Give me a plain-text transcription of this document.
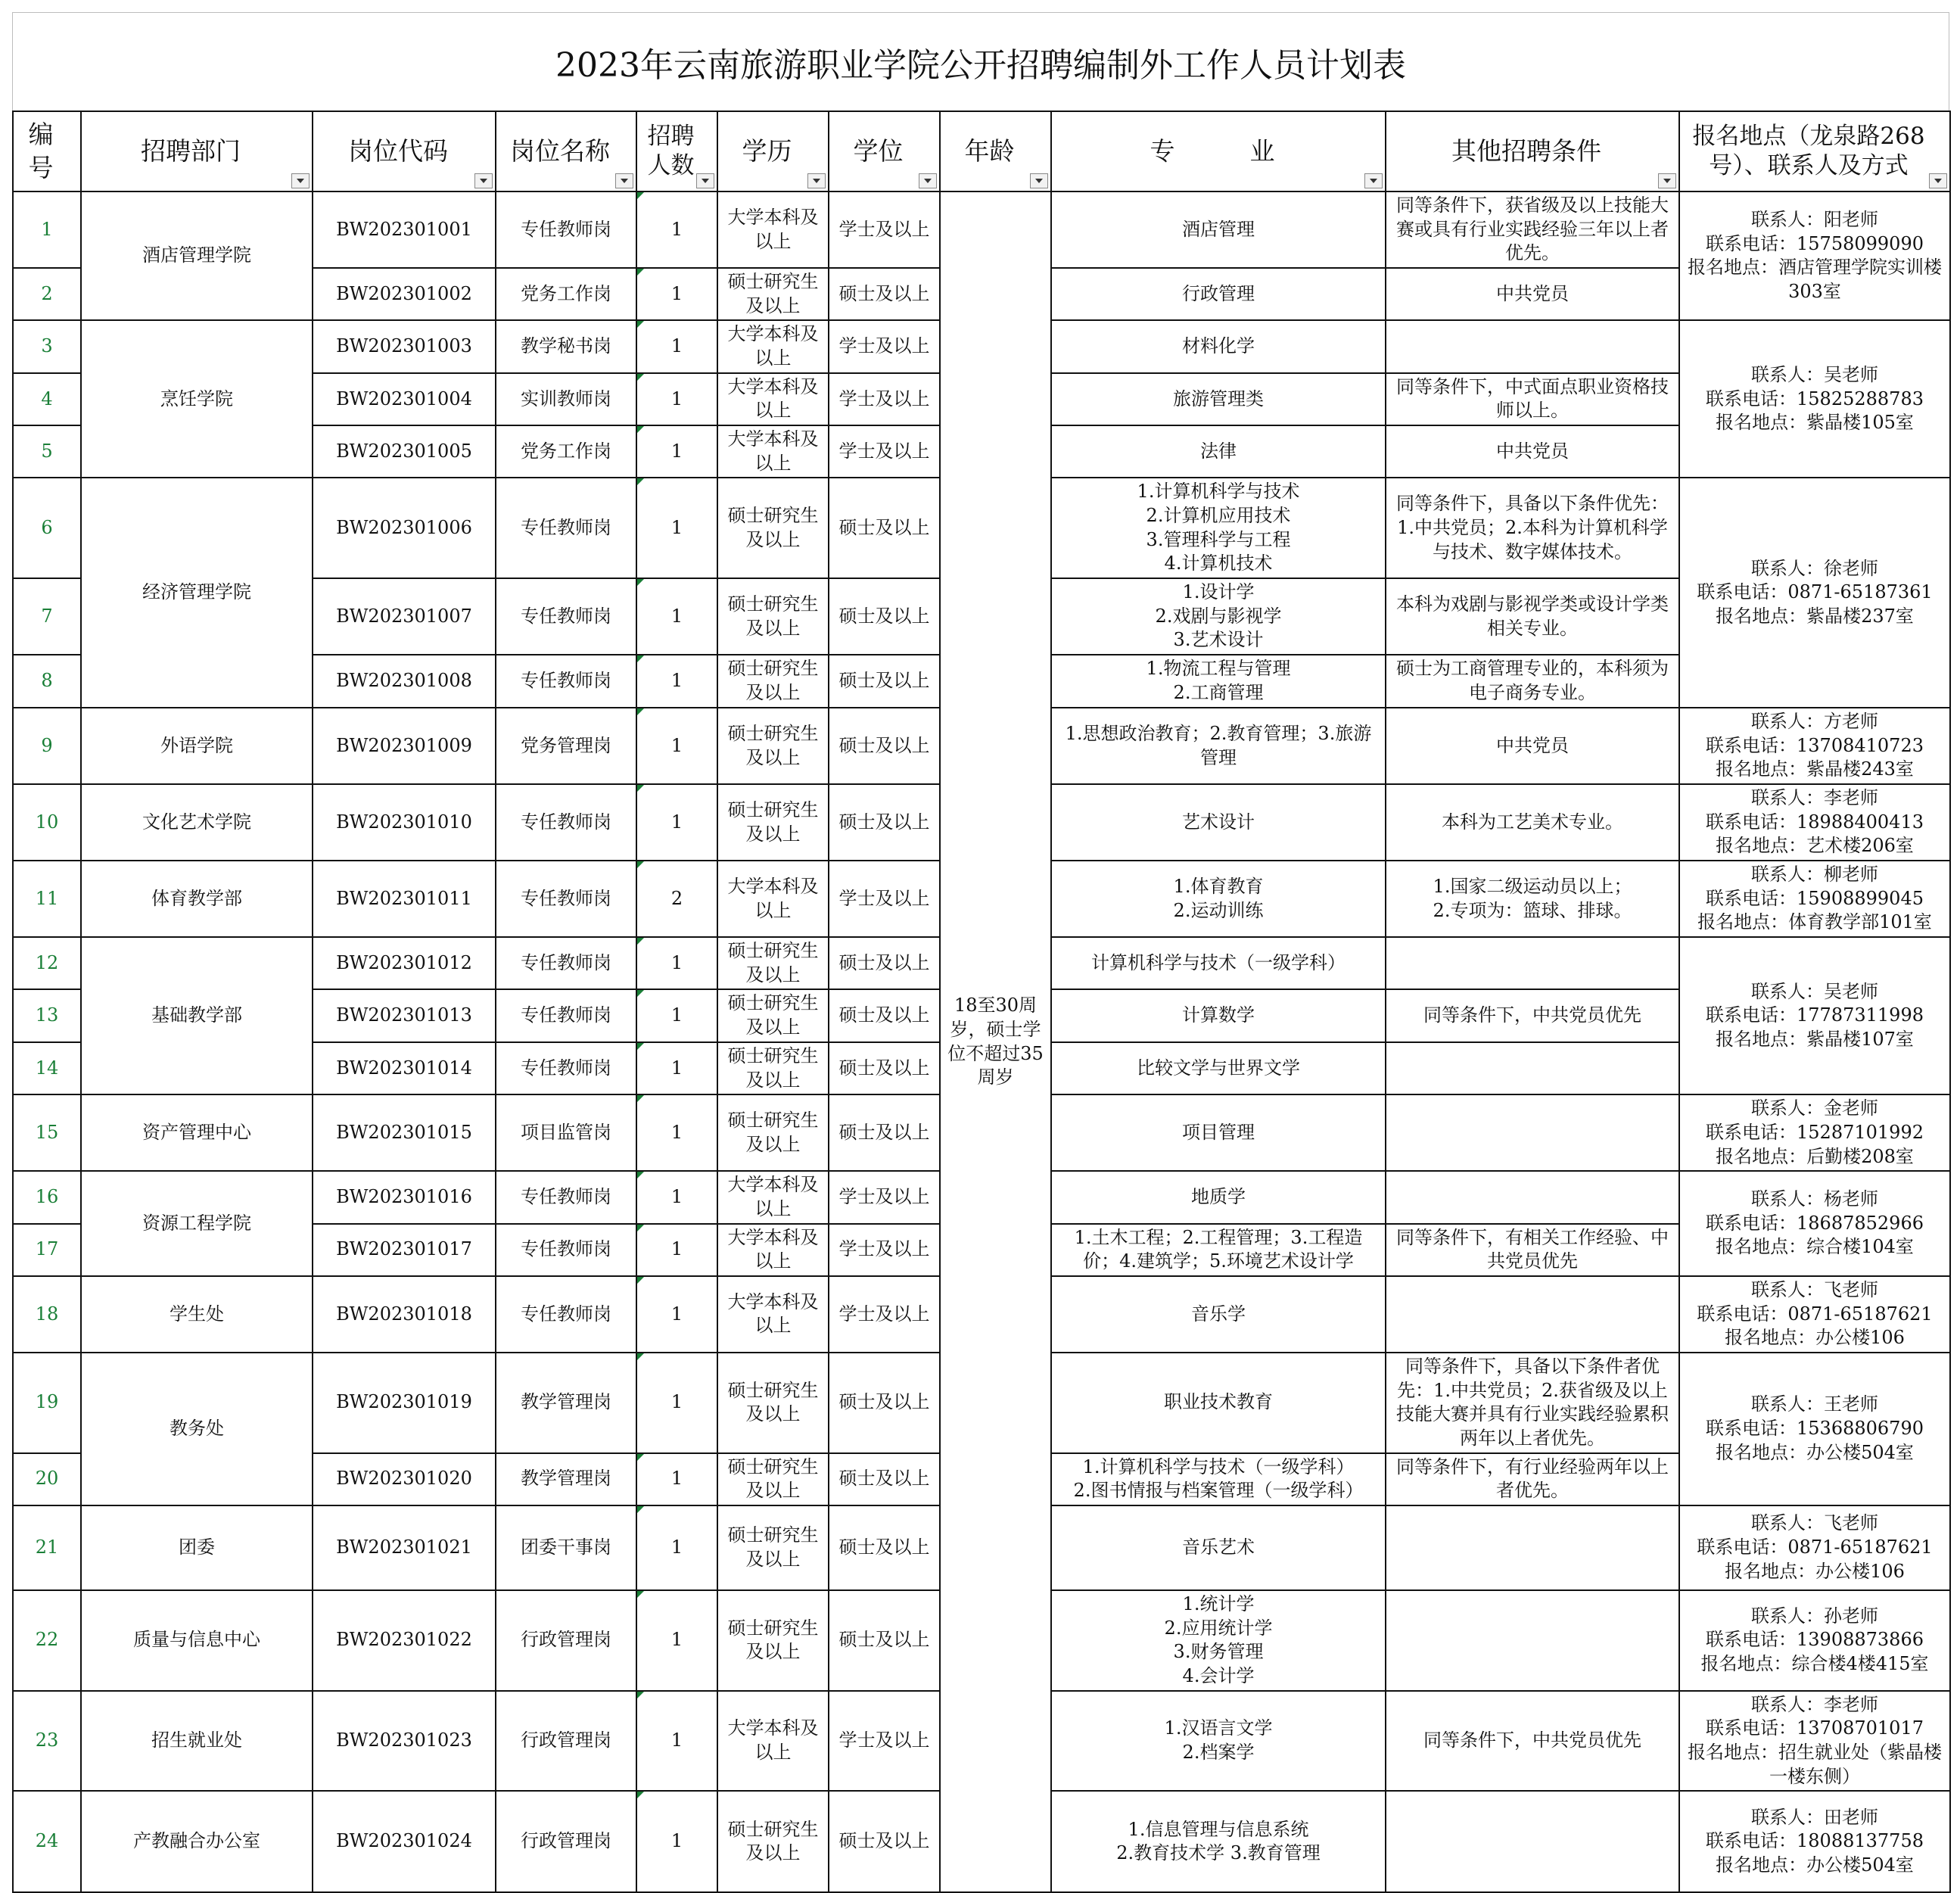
2023年云南旅游职业学院公开招聘编制外工作人员计划表
编号	招聘部门	岗位代码	岗位名称	招聘人数	学历	学位	年龄	专　　　业	其他招聘条件	报名地点（龙泉路268号）、联系人及方式

1	酒店管理学院	BW202301001	专任教师岗	1	大学本科及以上	学士及以上	18至30周岁，硕士学位不超过35周岁	酒店管理	同等条件下，获省级及以上技能大赛或具有行业实践经验三年以上者优先。	联系人：阳老师
联系电话：15758099090
报名地点：酒店管理学院实训楼303室

2		BW202301002	党务工作岗	1	硕士研究生及以上	硕士及以上		行政管理	中共党员	

3	烹饪学院	BW202301003	教学秘书岗	1	大学本科及以上	学士及以上		材料化学		联系人：吴老师
联系电话：15825288783
报名地点：紫晶楼105室

4		BW202301004	实训教师岗	1	大学本科及以上	学士及以上		旅游管理类	同等条件下，中式面点职业资格技师以上。	

5		BW202301005	党务工作岗	1	大学本科及以上	学士及以上		法律	中共党员	

6	经济管理学院	BW202301006	专任教师岗	1	硕士研究生及以上	硕士及以上		1.计算机科学与技术
2.计算机应用技术
3.管理科学与工程
4.计算机技术	同等条件下，具备以下条件优先：1.中共党员；2.本科为计算机科学与技术、数字媒体技术。	联系人：徐老师
联系电话：0871-65187361
报名地点：紫晶楼237室

7		BW202301007	专任教师岗	1	硕士研究生及以上	硕士及以上		1.设计学
2.戏剧与影视学
3.艺术设计	本科为戏剧与影视学类或设计学类相关专业。	

8		BW202301008	专任教师岗	1	硕士研究生及以上	硕士及以上		1.物流工程与管理
2.工商管理	硕士为工商管理专业的，本科须为电子商务专业。	

9	外语学院	BW202301009	党务管理岗	1	硕士研究生及以上	硕士及以上		1.思想政治教育；2.教育管理；3.旅游管理	中共党员	联系人：方老师
联系电话：13708410723
报名地点：紫晶楼243室

10	文化艺术学院	BW202301010	专任教师岗	1	硕士研究生及以上	硕士及以上		艺术设计	本科为工艺美术专业。	联系人：李老师
联系电话：18988400413
报名地点：艺术楼206室

11	体育教学部	BW202301011	专任教师岗	2	大学本科及以上	学士及以上		1.体育教育
2.运动训练	1.国家二级运动员以上；
2.专项为：篮球、排球。	联系人：柳老师
联系电话：15908899045
报名地点：体育教学部101室

12	基础教学部	BW202301012	专任教师岗	1	硕士研究生及以上	硕士及以上		计算机科学与技术（一级学科）		联系人：吴老师
联系电话：17787311998
报名地点：紫晶楼107室

13		BW202301013	专任教师岗	1	硕士研究生及以上	硕士及以上		计算数学	同等条件下，中共党员优先	

14		BW202301014	专任教师岗	1	硕士研究生及以上	硕士及以上		比较文学与世界文学		

15	资产管理中心	BW202301015	项目监管岗	1	硕士研究生及以上	硕士及以上		项目管理		联系人：金老师
联系电话：15287101992
报名地点：后勤楼208室

16	资源工程学院	BW202301016	专任教师岗	1	大学本科及以上	学士及以上		地质学		联系人：杨老师
联系电话：18687852966
报名地点：综合楼104室

17		BW202301017	专任教师岗	1	大学本科及以上	学士及以上		1.土木工程；2.工程管理；3.工程造价；4.建筑学；5.环境艺术设计学	同等条件下，有相关工作经验、中共党员优先	

18	学生处	BW202301018	专任教师岗	1	大学本科及以上	学士及以上		音乐学		联系人：飞老师
联系电话：0871-65187621
报名地点：办公楼106

19	教务处	BW202301019	教学管理岗	1	硕士研究生及以上	硕士及以上		职业技术教育	同等条件下，具备以下条件者优先：1.中共党员；2.获省级及以上技能大赛并具有行业实践经验累积两年以上者优先。	联系人：王老师
联系电话：15368806790
报名地点：办公楼504室

20		BW202301020	教学管理岗	1	硕士研究生及以上	硕士及以上		1.计算机科学与技术（一级学科）
2.图书情报与档案管理（一级学科）	同等条件下，有行业经验两年以上者优先。	

21	团委	BW202301021	团委干事岗	1	硕士研究生及以上	硕士及以上		音乐艺术		联系人：飞老师
联系电话：0871-65187621
报名地点：办公楼106

22	质量与信息中心	BW202301022	行政管理岗	1	硕士研究生及以上	硕士及以上		1.统计学
2.应用统计学
3.财务管理
4.会计学		联系人：孙老师
联系电话：13908873866
报名地点：综合楼4楼415室

23	招生就业处	BW202301023	行政管理岗	1	大学本科及以上	学士及以上		1.汉语言文学
2.档案学	同等条件下，中共党员优先	联系人：李老师
联系电话：13708701017
报名地点：招生就业处（紫晶楼一楼东侧）

24	产教融合办公室	BW202301024	行政管理岗	1	硕士研究生及以上	硕士及以上		1.信息管理与信息系统
2.教育技术学 3.教育管理		联系人：田老师
联系电话：18088137758
报名地点：办公楼504室
